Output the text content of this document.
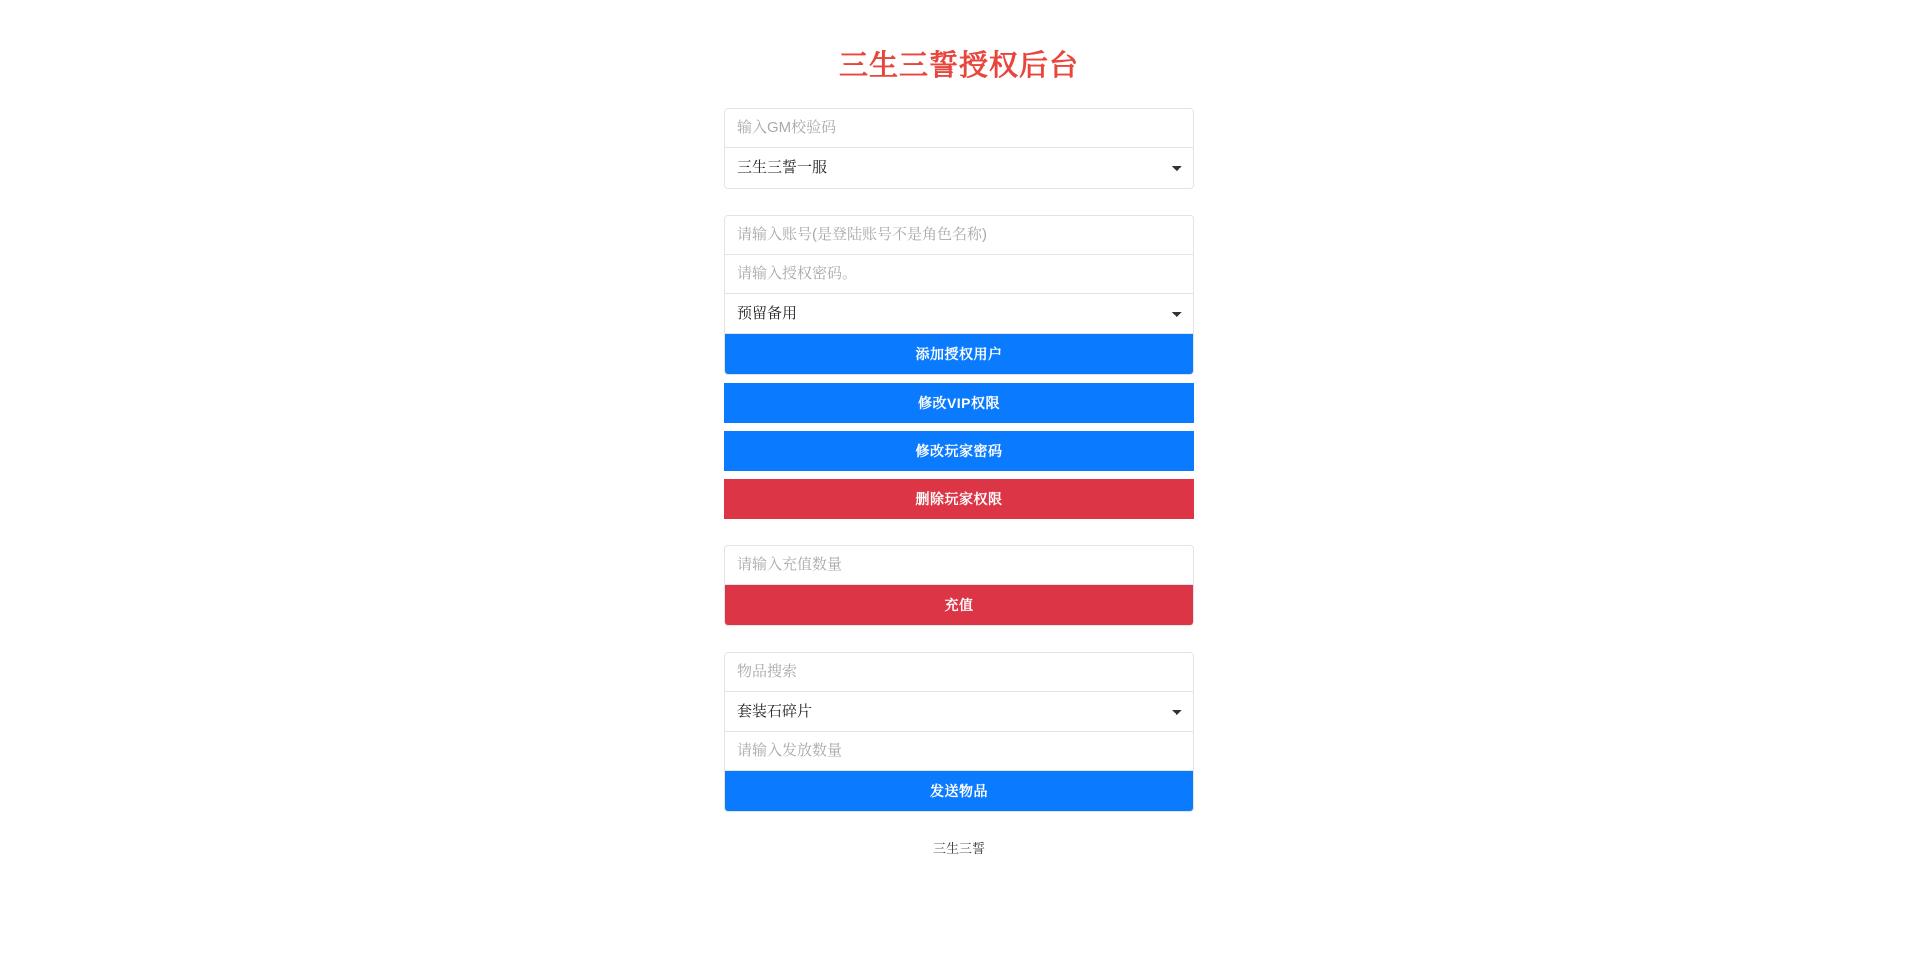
三生三誓授权后台
输入GM校验码
三生三誓一服
请输入账号(是登陆账号不是角色名称)
请输入授权密码。
预留备用
添加授权用户
修改VIP权限
修改玩家密码
删除玩家权限
请输入充值数量
充值
物品搜索
套装石碎片
请输入发放数量
发送物品
三生三誓
